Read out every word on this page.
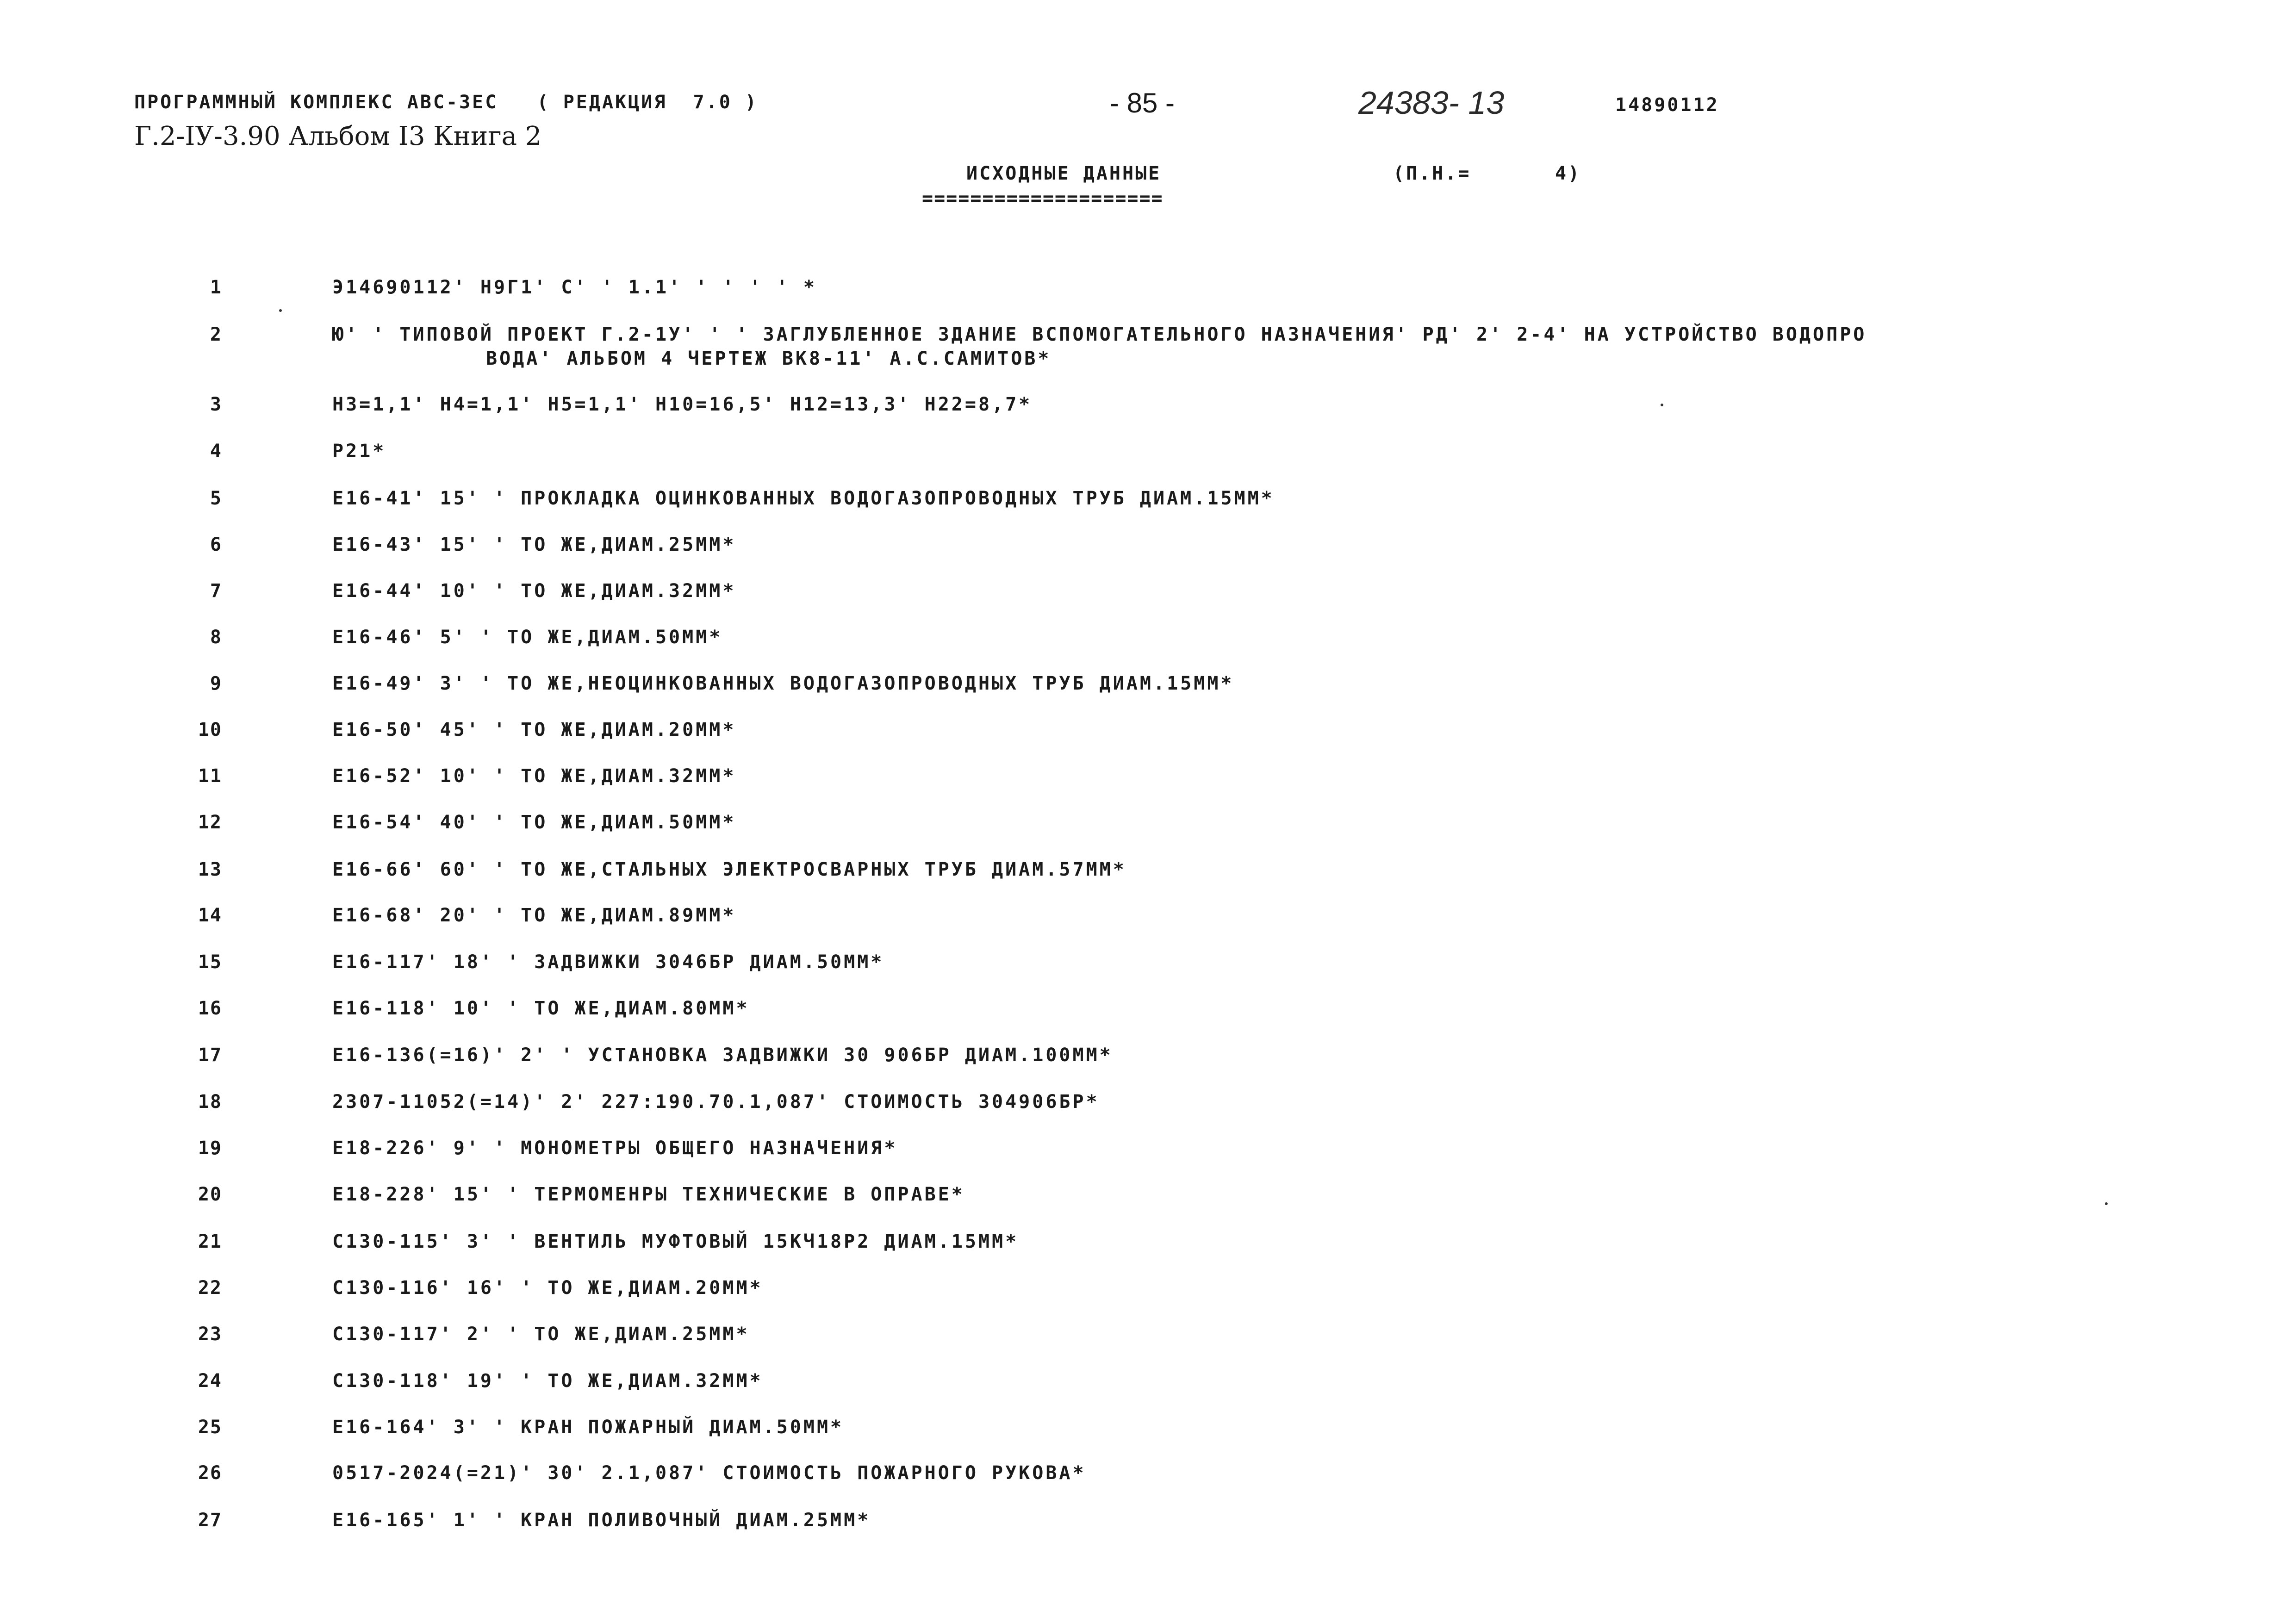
ПРОГРАММНЫЙ КОМПЛЕКС АВС-3ЕС   ( РЕДАКЦИЯ  7.0 )	- 85 -	24383- 13	14890112
Г.2-IУ-3.90 Альбом I3 Книга 2
ИСХОДНЫЕ ДАННЫЕ
====================
(П.Н.=	4)
1	Э14690112' Н9Г1' С' ' 1.1' ' ' ' ' *
2	Ю' ' ТИПОВОЙ ПРОЕКТ Г.2-1У' ' ' ЗАГЛУБЛЕННОЕ ЗДАНИЕ ВСПОМОГАТЕЛЬНОГО НАЗНАЧЕНИЯ' РД' 2' 2-4' НА УСТРОЙСТВО ВОДОПРО
ВОДА' АЛЬБОМ 4 ЧЕРТЕЖ ВК8-11' А.С.САМИТОВ*
3	Н3=1,1' Н4=1,1' Н5=1,1' Н10=16,5' Н12=13,3' Н22=8,7*
4	Р21*
5	Е16-41' 15' ' ПРОКЛАДКА ОЦИНКОВАННЫХ ВОДОГАЗОПРОВОДНЫХ ТРУБ ДИАМ.15ММ*
6	Е16-43' 15' ' ТО ЖЕ,ДИАМ.25ММ*
7	Е16-44' 10' ' ТО ЖЕ,ДИАМ.32ММ*
8	Е16-46' 5' ' ТО ЖЕ,ДИАМ.50ММ*
9	Е16-49' 3' ' ТО ЖЕ,НЕОЦИНКОВАННЫХ ВОДОГАЗОПРОВОДНЫХ ТРУБ ДИАМ.15ММ*
10	Е16-50' 45' ' ТО ЖЕ,ДИАМ.20ММ*
11	Е16-52' 10' ' ТО ЖЕ,ДИАМ.32ММ*
12	Е16-54' 40' ' ТО ЖЕ,ДИАМ.50ММ*
13	Е16-66' 60' ' ТО ЖЕ,СТАЛЬНЫХ ЭЛЕКТРОСВАРНЫХ ТРУБ ДИАМ.57ММ*
14	Е16-68' 20' ' ТО ЖЕ,ДИАМ.89ММ*
15	Е16-117' 18' ' ЗАДВИЖКИ 3046БР ДИАМ.50ММ*
16	Е16-118' 10' ' ТО ЖЕ,ДИАМ.80ММ*
17	Е16-136(=16)' 2' ' УСТАНОВКА ЗАДВИЖКИ 30 906БР ДИАМ.100ММ*
18	2307-11052(=14)' 2' 227:190.70.1,087' СТОИМОСТЬ 304906БР*
19	Е18-226' 9' ' МОНОМЕТРЫ ОБЩЕГО НАЗНАЧЕНИЯ*
20	Е18-228' 15' ' ТЕРМОМЕНРЫ ТЕХНИЧЕСКИЕ В ОПРАВЕ*
21	С130-115' 3' ' ВЕНТИЛЬ МУФТОВЫЙ 15КЧ18Р2 ДИАМ.15ММ*
22	С130-116' 16' ' ТО ЖЕ,ДИАМ.20ММ*
23	С130-117' 2' ' ТО ЖЕ,ДИАМ.25ММ*
24	С130-118' 19' ' ТО ЖЕ,ДИАМ.32ММ*
25	Е16-164' 3' ' КРАН ПОЖАРНЫЙ ДИАМ.50ММ*
26	0517-2024(=21)' 30' 2.1,087' СТОИМОСТЬ ПОЖАРНОГО РУКОВА*
27	Е16-165' 1' ' КРАН ПОЛИВОЧНЫЙ ДИАМ.25ММ*
